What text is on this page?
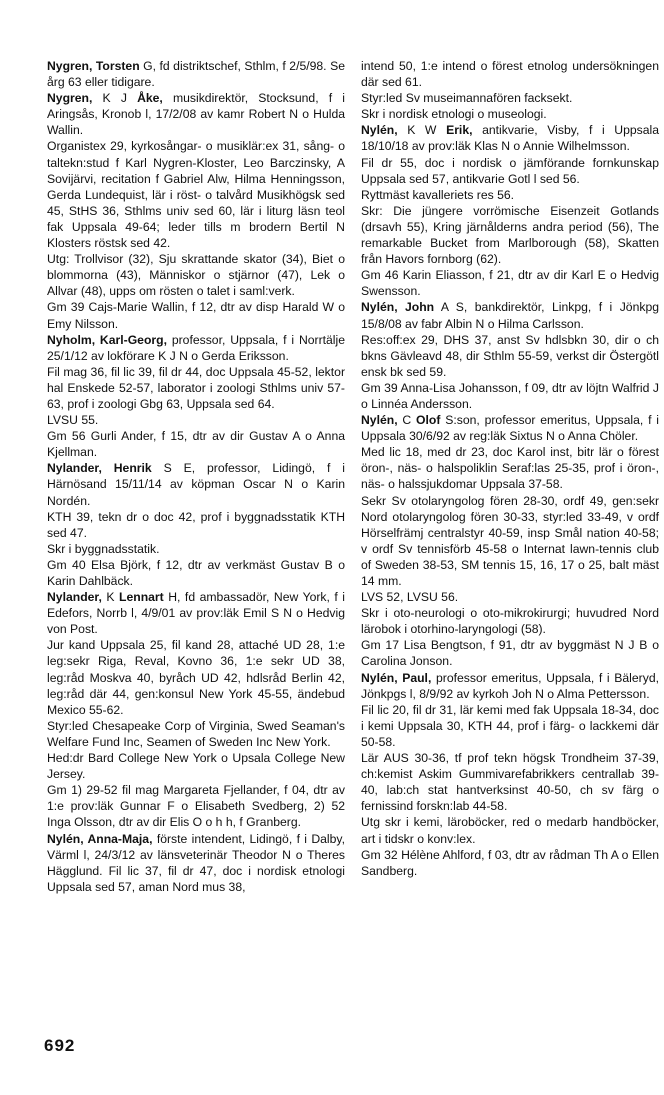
Nygren, Torsten G, fd distriktschef, Sthlm, f 2/5/98. Se årg 63 eller tidigare.

Nygren, K J Åke, musikdirektör, Stocksund, f i Aringsås, Kronob l, 17/2/08 av kamr Robert N o Hulda Wallin.

Organistex 29, kyrkosångar- o musiklär:ex 31, sång- o taltekn:stud f Karl Nygren-Kloster, Leo Barczinsky, A Sovijärvi, recitation f Gabriel Alw, Hilma Henningsson, Gerda Lundequist, lär i röst- o talvård Musikhögsk sed 45, StHS 36, Sthlms univ sed 60, lär i liturg läsn teol fak Uppsala 49-64; leder tills m brodern Bertil N Klosters röstsk sed 42.

Utg: Trollvisor (32), Sju skrattande skator (34), Biet o blommorna (43), Människor o stjärnor (47), Lek o Allvar (48), upps om rösten o talet i saml:verk.

Gm 39 Cajs-Marie Wallin, f 12, dtr av disp Harald W o Emy Nilsson.

Nyholm, Karl-Georg, professor, Uppsala, f i Norrtälje 25/1/12 av lokförare K J N o Gerda Eriksson.

Fil mag 36, fil lic 39, fil dr 44, doc Uppsala 45-52, lektor hal Enskede 52-57, laborator i zoologi Sthlms univ 57-63, prof i zoologi Gbg 63, Uppsala sed 64.

LVSU 55.

Gm 56 Gurli Ander, f 15, dtr av dir Gustav A o Anna Kjellman.

Nylander, Henrik S E, professor, Lidingö, f i Härnösand 15/11/14 av köpman Oscar N o Karin Nordén.

KTH 39, tekn dr o doc 42, prof i byggnadsstatik KTH sed 47.

Skr i byggnadsstatik.

Gm 40 Elsa Björk, f 12, dtr av verkmäst Gustav B o Karin Dahlbäck.

Nylander, K Lennart H, fd ambassadör, New York, f i Edefors, Norrb l, 4/9/01 av prov:läk Emil S N o Hedvig von Post.

Jur kand Uppsala 25, fil kand 28, attaché UD 28, 1:e leg:sekr Riga, Reval, Kovno 36, 1:e sekr UD 38, leg:råd Moskva 40, byråch UD 42, hdlsråd Berlin 42, leg:råd där 44, gen:konsul New York 45-55, ändebud Mexico 55-62.

Styr:led Chesapeake Corp of Virginia, Swed Seaman's Welfare Fund Inc, Seamen of Sweden Inc New York.

Hed:dr Bard College New York o Upsala College New Jersey.

Gm 1) 29-52 fil mag Margareta Fjellander, f 04, dtr av 1:e prov:läk Gunnar F o Elisabeth Svedberg, 2) 52 Inga Olsson, dtr av dir Elis O o h h, f Granberg.

Nylén, Anna-Maja, förste intendent, Lidingö, f i Dalby, Värml l, 24/3/12 av länsveterinär Theodor N o Theres Hägglund. Fil lic 37, fil dr 47, doc i nordisk etnologi Uppsala sed 57, aman Nord mus 38,

intend 50, 1:e intend o förest etnolog undersökningen där sed 61.

Styr:led Sv museimannafören facksekt.

Skr i nordisk etnologi o museologi.

Nylén, K W Erik, antikvarie, Visby, f i Uppsala 18/10/18 av prov:läk Klas N o Annie Wilhelmsson.

Fil dr 55, doc i nordisk o jämförande fornkunskap Uppsala sed 57, antikvarie Gotl l sed 56.

Ryttmäst kavalleriets res 56.

Skr: Die jüngere vorrömische Eisenzeit Gotlands (drsavh 55), Kring järnålderns andra period (56), The remarkable Bucket from Marlborough (58), Skatten från Havors fornborg (62).

Gm 46 Karin Eliasson, f 21, dtr av dir Karl E o Hedvig Swensson.

Nylén, John A S, bankdirektör, Linkpg, f i Jönkpg 15/8/08 av fabr Albin N o Hilma Carlsson.

Res:off:ex 29, DHS 37, anst Sv hdlsbkn 30, dir o ch bkns Gävleavd 48, dir Sthlm 55-59, verkst dir Östergötl ensk bk sed 59.

Gm 39 Anna-Lisa Johansson, f 09, dtr av löjtn Walfrid J o Linnéa Andersson.

Nylén, C Olof S:son, professor emeritus, Uppsala, f i Uppsala 30/6/92 av reg:läk Sixtus N o Anna Chöler.

Med lic 18, med dr 23, doc Karol inst, bitr lär o förest öron-, näs- o halspoliklin Seraf:las 25-35, prof i öron-, näs- o halssjukdomar Uppsala 37-58.

Sekr Sv otolaryngolog fören 28-30, ordf 49, gen:sekr Nord otolaryngolog fören 30-33, styr:led 33-49, v ordf Hörselfrämj centralstyr 40-59, insp Smål nation 40-58; v ordf Sv tennisförb 45-58 o Internat lawn-tennis club of Sweden 38-53, SM tennis 15, 16, 17 o 25, balt mäst 14 mm.

LVS 52, LVSU 56.

Skr i oto-neurologi o oto-mikrokirurgi; huvudred Nord lärobok i otorhino-laryngologi (58).

Gm 17 Lisa Bengtson, f 91, dtr av byggmäst N J B o Carolina Jonson.

Nylén, Paul, professor emeritus, Uppsala, f i Bäleryd, Jönkpgs l, 8/9/92 av kyrkoh Joh N o Alma Pettersson.

Fil lic 20, fil dr 31, lär kemi med fak Uppsala 18-34, doc i kemi Uppsala 30, KTH 44, prof i färg- o lackkemi där 50-58.

Lär AUS 30-36, tf prof tekn högsk Trondheim 37-39, ch:kemist Askim Gummivarefabrikkers centrallab 39-40, lab:ch stat hantverksinst 40-50, ch sv färg o fernissind forskn:lab 44-58.

Utg skr i kemi, läroböcker, red o medarb handböcker, art i tidskr o konv:lex.

Gm 32 Hélène Ahlford, f 03, dtr av rådman Th A o Ellen Sandberg.

692
